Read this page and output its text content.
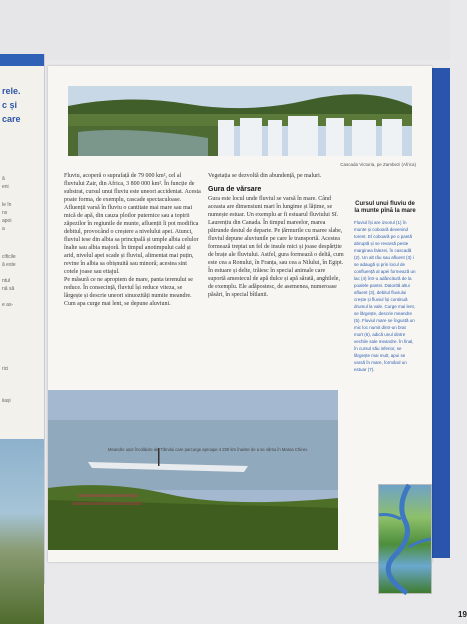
rele.
c și
care
ă
eni
le în
ns
apoi
a
cificile
ă este
ntul
nă să
e as-
rici
iiași
Cascada Victoria, pe Zambezi (Africa)

Fluviu, acoperă o suprafață de 79 000 km², cel al fluviului Zair, din Africa, 3 800 000 km². În funcție de substrat, cursul unui fluviu este uneori accidentat. Acesta poate forma, de exemplu, cascade spectaculoase. Afluenții varsă în fluviu o cantitate mai mare sau mai mică de apă, din cauza ploilor puternice sau a topirii zăpezilor în regiunile de munte, afluenții îi pot modifica debitul, provocând o creștere a nivelului apei. Atunci, fluviul iese din albia sa principală și umple albia celulor înalte sau albia majoră. În timpul anotimpului cald și arid, nivelul apei scade și fluviul, alimentat mai puțin, revine în albia sa obișnuită sau minoră; acestea sint cotele joase sau etiajul.

Pe măsură ce ne apropiem de mare, panta terenului se reduce. În consecință, fluviul își reduce viteza, se lărgește și descrie uneori sinuozități numite meandre. Cum apa curge mai lent, se depune aluviuni.

Vegetația se dezvoltă din abundență, pe maluri.

Gura de vărsare

Gura este locul unde fluviul se varsă în mare. Când aceasta are dimensiuni mari în lungime și lățime, se numește estuar. Un exemplu ar fi estuarul fluviului Sf. Laurențiu din Canada. În timpul mareelor, marea pătrunde destul de departe. Pe țărmurile cu maree slabe, fluviul depune aluviunile pe care le transportă. Acestea formează treptat un fel de insule mici și joase despărțite de brațe ale fluviului. Astfel, gura formează o deltă, cum este cea a Ronului, în Franța, sau cea a Nilului, în Egipt.

În estuare și delte, trăiesc în special animale care suportă amestecul de apă dulce și apă sărată, anghilele, de exemplu. Ele adăpostesc, de asemenea, numeroase păsări, în special bîtlanii.

Cursul unui fluviu de la munte pînă la mare

Fluviul își are izvorul (1) în munte și coboară devenind torent. El coboară pe o pantă abruptă și se revarsă peste marginea falezei, în cascadă (2). Un alt râu sau afluent (3) i se adaugă și prin locul de confluență al apei formează un lac (4) într-o adâncitură de la poalele pantei. Datorită altui afluent (3), debitul fluviului crește și fluviul își continuă drumul la vale. Curge mai lent, se lărgește, descrie meandre (5). Fluviul mare se îngustă un mic loc numit dintr-un brat mort (6), adică unul dintre vechile sale meandre. În final, în cursul său inferior, se lărgește mai mult, apoi se varsă în mare, formând un estuar (7).

Meandre ușor încolăcite ale Tibrului care parcurge aproape 4 200 km înainte de a se vărsa în Marea Chinei.
19
